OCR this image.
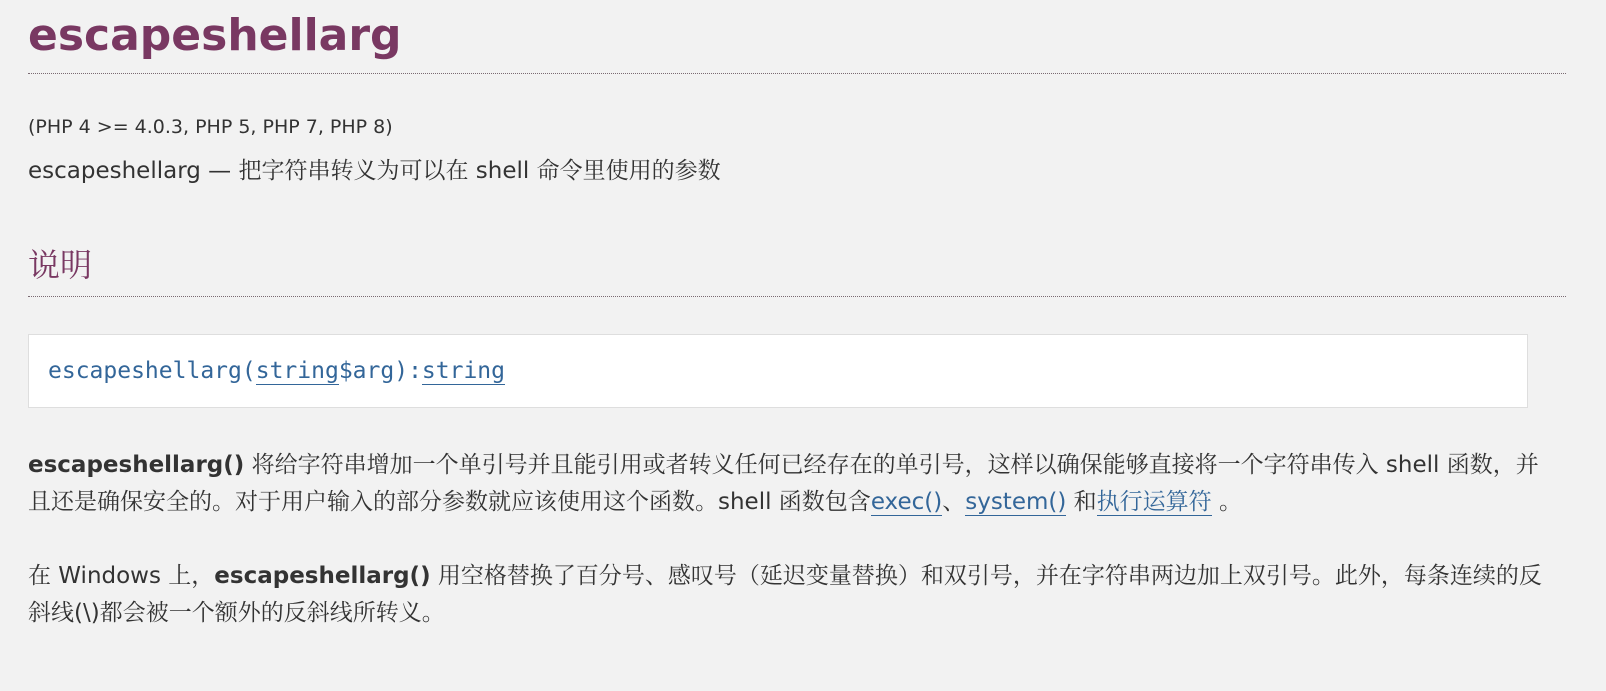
escapeshellarg
(PHP 4 >= 4.0.3, PHP 5, PHP 7, PHP 8)
escapeshellarg — 把字符串转义为可以在 shell 命令里使用的参数
说明
escapeshellarg ( string $arg ): string

escapeshellarg() 将给字符串增加一个单引号并且能引用或者转义任何已经存在的单引号，这样以确保能够直接将一个字符串传入 shell 函数，并且还是确保安全的。对于用户输入的部分参数就应该使用这个函数。shell 函数包含exec()、system() 和执行运算符 。

在 Windows 上，escapeshellarg() 用空格替换了百分号、感叹号（延迟变量替换）和双引号，并在字符串两边加上双引号。此外，每条连续的反斜线(\)都会被一个额外的反斜线所转义。
